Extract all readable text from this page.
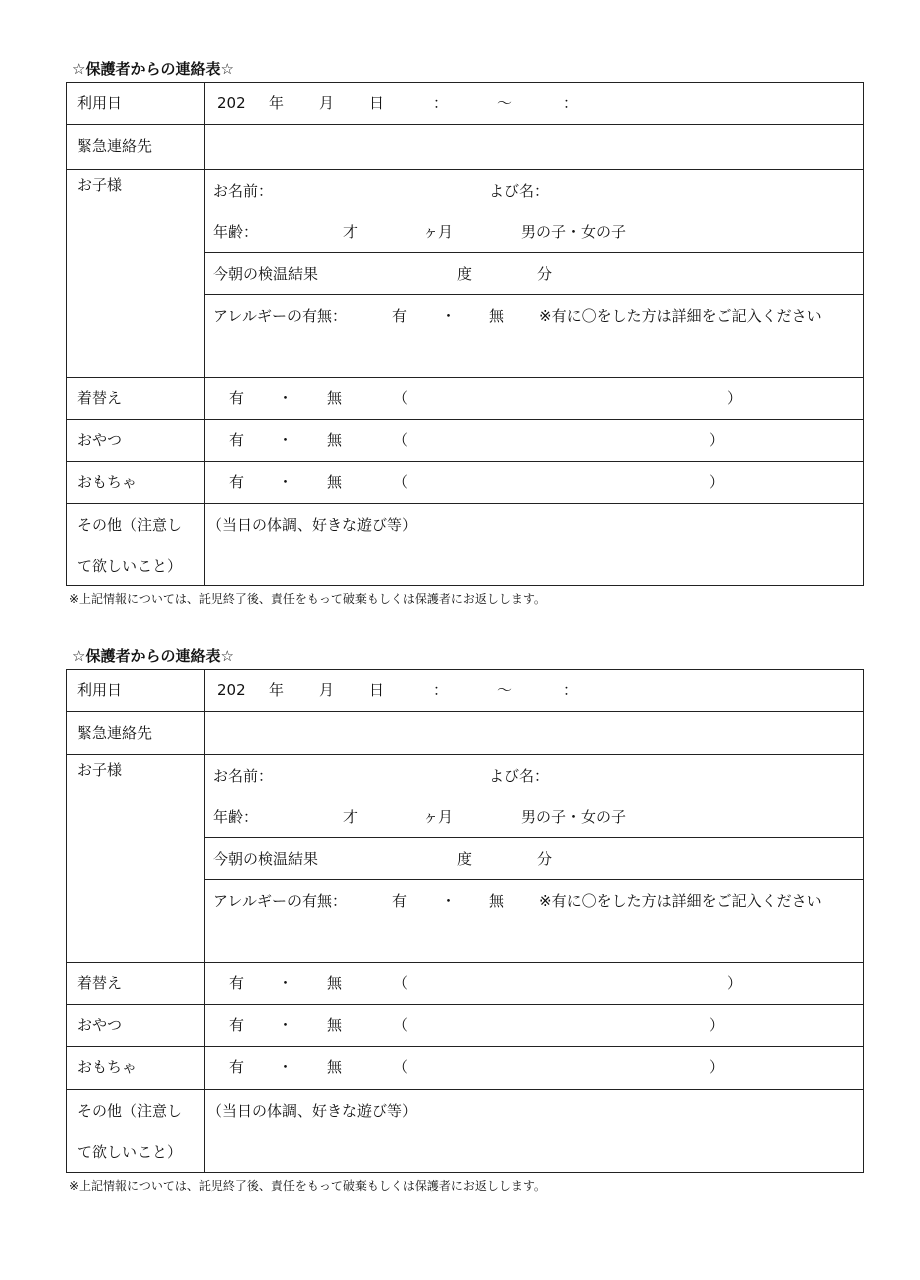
☆保護者からの連絡表☆
利用日	202 年 月 日	：	～	：
緊急連絡先
お子様	お名前：	よび名：
年齢：	才	ヶ月	男の子・女の子
今朝の検温結果	度	分
アレルギーの有無：	有 ・ 無 ※有に〇をした方は詳細をご記入ください
着替え	有 ・ 無	（	）
おやつ	有 ・ 無	（	）
おもちゃ	有 ・ 無	（	）
その他（注意し
て欲しいこと）
（当日の体調、好きな遊び等）
※上記情報については、託児終了後、責任をもって破棄もしくは保護者にお返しします。
☆保護者からの連絡表☆
利用日	202 年 月 日	：	～	：
緊急連絡先
お子様	お名前：	よび名：
年齢：	才	ヶ月	男の子・女の子
今朝の検温結果	度	分
アレルギーの有無：	有 ・ 無 ※有に〇をした方は詳細をご記入ください
着替え	有 ・ 無	（	）
おやつ	有 ・ 無	（	）
おもちゃ	有 ・ 無	（	）
その他（注意し
て欲しいこと）
（当日の体調、好きな遊び等）
※上記情報については、託児終了後、責任をもって破棄もしくは保護者にお返しします。
